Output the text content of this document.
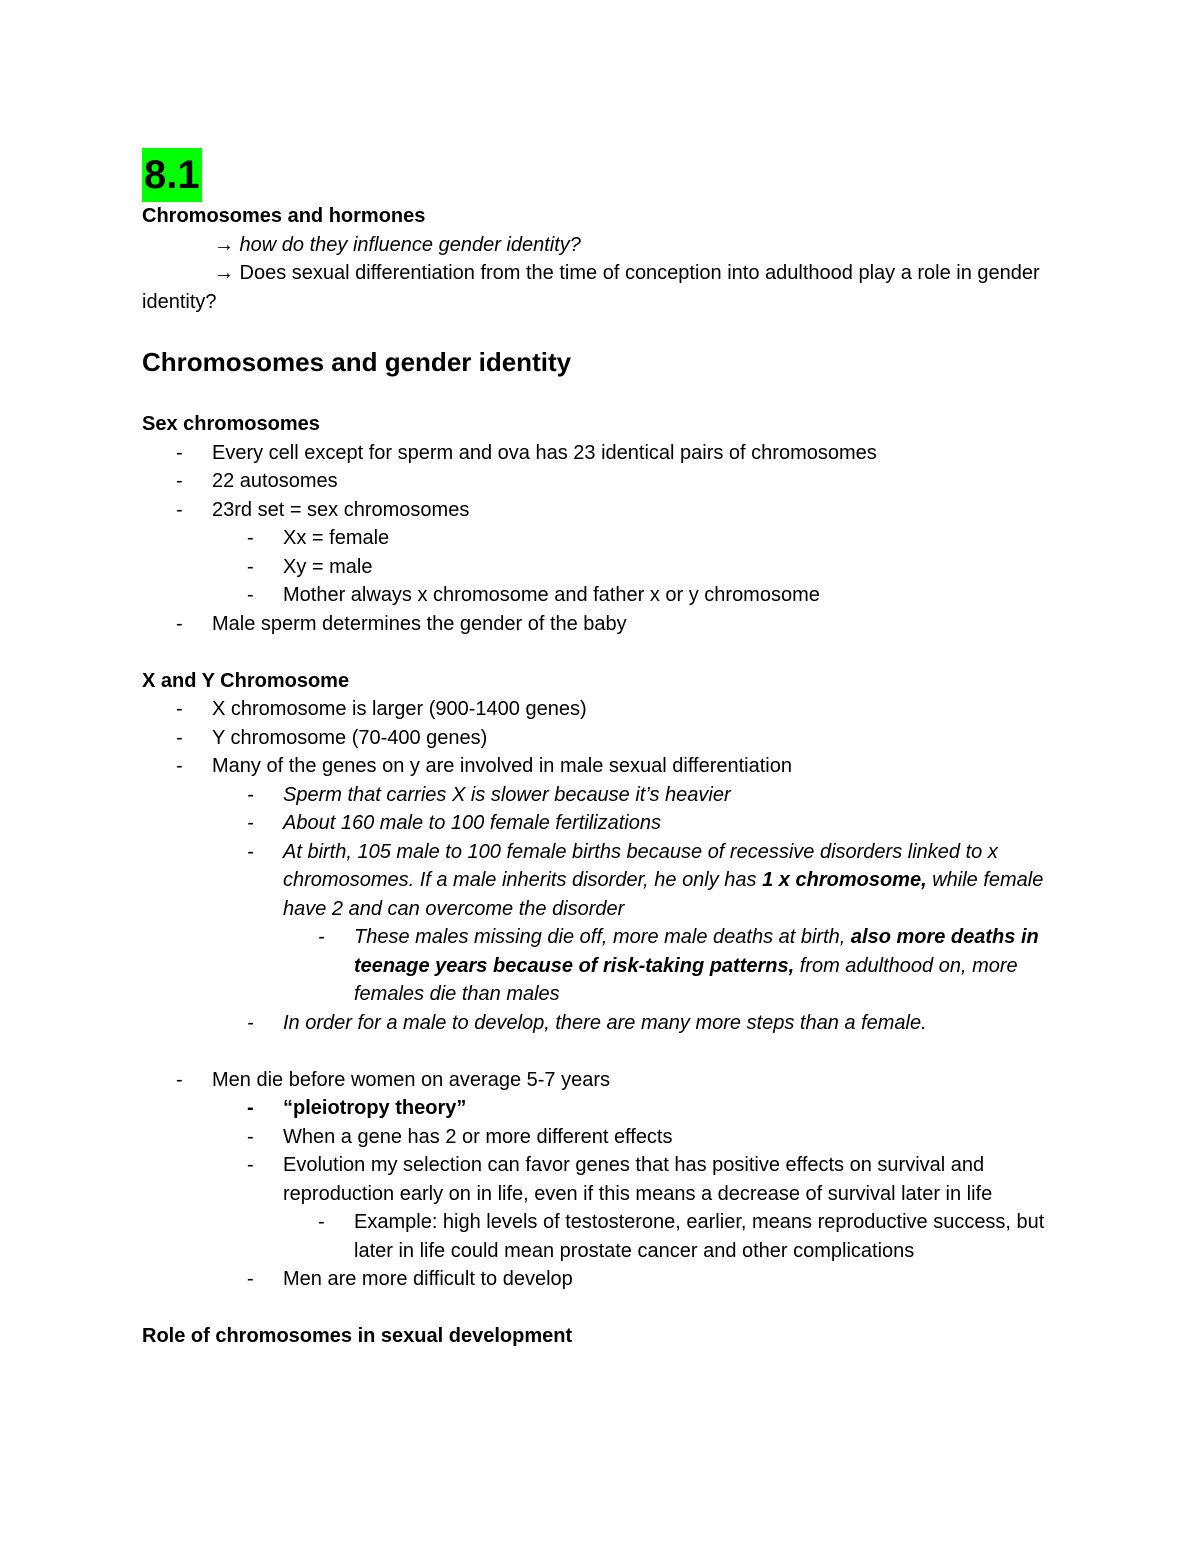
8.1

Chromosomes and hormones

→ how do they influence gender identity?

→ Does sexual differentiation from the time of conception into adulthood play a role in gender identity?

Chromosomes and gender identity

Sex chromosomes

- Every cell except for sperm and ova has 23 identical pairs of chromosomes
- 22 autosomes
- 23rd set = sex chromosomes
- Xx = female
- Xy = male
- Mother always x chromosome and father x or y chromosome
- Male sperm determines the gender of the baby

X and Y Chromosome

- X chromosome is larger (900-1400 genes)
- Y chromosome (70-400 genes)
- Many of the genes on y are involved in male sexual differentiation
- Sperm that carries X is slower because it’s heavier
- About 160 male to 100 female fertilizations
- At birth, 105 male to 100 female births because of recessive disorders linked to x chromosomes. If a male inherits disorder, he only has 1 x chromosome, while female have 2 and can overcome the disorder
- These males missing die off, more male deaths at birth, also more deaths in teenage years because of risk-taking patterns, from adulthood on, more females die than males
- In order for a male to develop, there are many more steps than a female.
- Men die before women on average 5-7 years
- “pleiotropy theory”
- When a gene has 2 or more different effects
- Evolution my selection can favor genes that has positive effects on survival and reproduction early on in life, even if this means a decrease of survival later in life
- Example: high levels of testosterone, earlier, means reproductive success, but later in life could mean prostate cancer and other complications
- Men are more difficult to develop

Role of chromosomes in sexual development
